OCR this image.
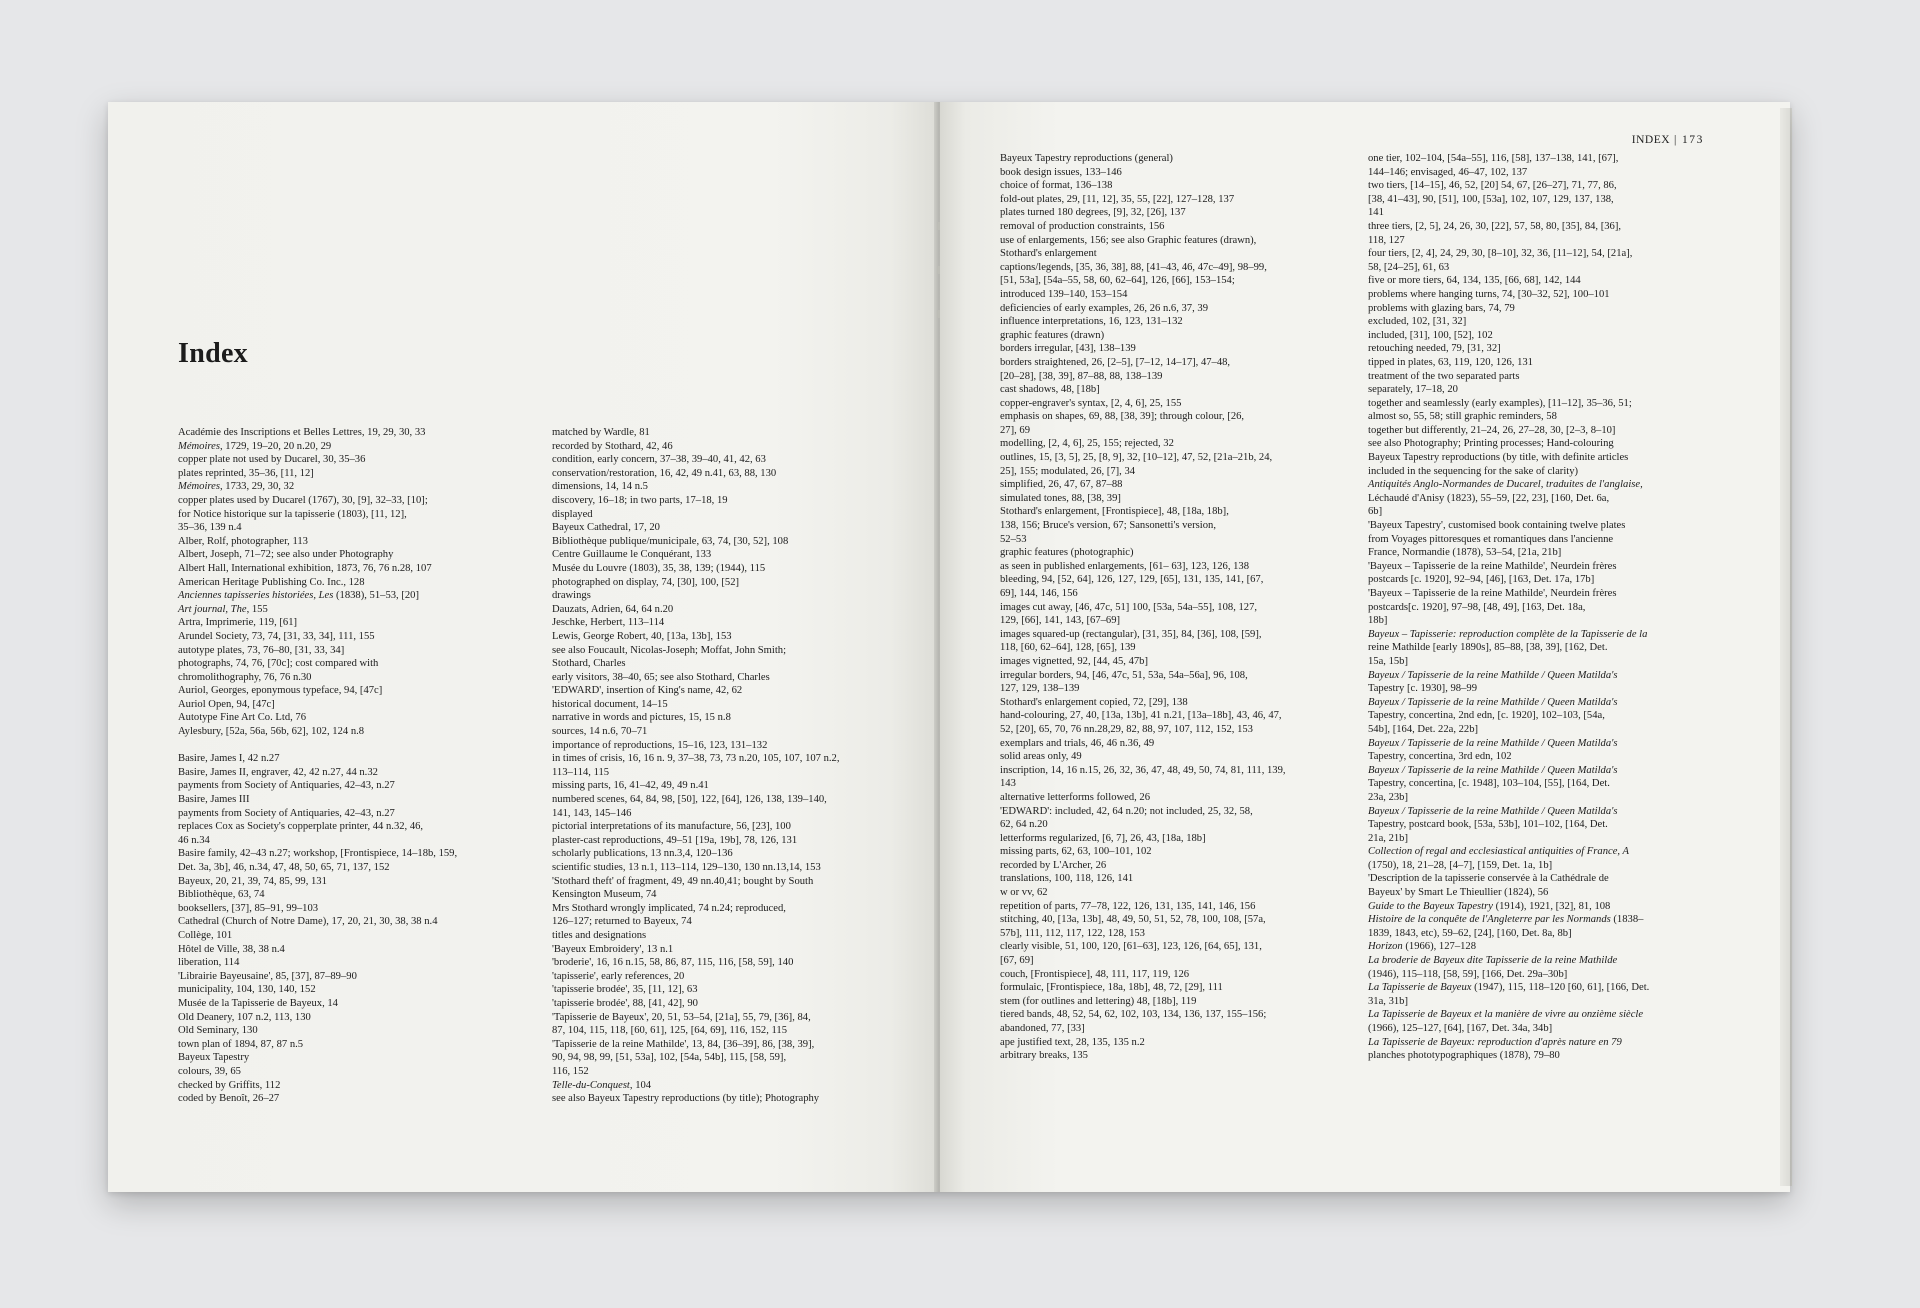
Index

Académie des Inscriptions et Belles Lettres, 19, 29, 30, 33

Mémoires, 1729, 19–20, 20 n.20, 29

copper plate not used by Ducarel, 30, 35–36

plates reprinted, 35–36, [11, 12]

Mémoires, 1733, 29, 30, 32

copper plates used by Ducarel (1767), 30, [9], 32–33, [10];

for Notice historique sur la tapisserie (1803), [11, 12],

35–36, 139 n.4

Alber, Rolf, photographer, 113

Albert, Joseph, 71–72; see also under Photography

Albert Hall, International exhibition, 1873, 76, 76 n.28, 107

American Heritage Publishing Co. Inc., 128

Anciennes tapisseries historiées, Les (1838), 51–53, [20]

Art journal, The, 155

Artra, Imprimerie, 119, [61]

Arundel Society, 73, 74, [31, 33, 34], 111, 155

autotype plates, 73, 76–80, [31, 33, 34]

photographs, 74, 76, [70c]; cost compared with

chromolithography, 76, 76 n.30

Auriol, Georges, eponymous typeface, 94, [47c]

Auriol Open, 94, [47c]

Autotype Fine Art Co. Ltd, 76

Aylesbury, [52a, 56a, 56b, 62], 102, 124 n.8

Basire, James I, 42 n.27

Basire, James II, engraver, 42, 42 n.27, 44 n.32

payments from Society of Antiquaries, 42–43, n.27

Basire, James III

payments from Society of Antiquaries, 42–43, n.27

replaces Cox as Society's copperplate printer, 44 n.32, 46,

46 n.34

Basire family, 42–43 n.27; workshop, [Frontispiece, 14–18b, 159,

Det. 3a, 3b], 46, n.34, 47, 48, 50, 65, 71, 137, 152

Bayeux, 20, 21, 39, 74, 85, 99, 131

Bibliothèque, 63, 74

booksellers, [37], 85–91, 99–103

Cathedral (Church of Notre Dame), 17, 20, 21, 30, 38, 38 n.4

Collège, 101

Hôtel de Ville, 38, 38 n.4

liberation, 114

'Librairie Bayeusaine', 85, [37], 87–89–90

municipality, 104, 130, 140, 152

Musée de la Tapisserie de Bayeux, 14

Old Deanery, 107 n.2, 113, 130

Old Seminary, 130

town plan of 1894, 87, 87 n.5

Bayeux Tapestry

colours, 39, 65

checked by Griffits, 112

coded by Benoît, 26–27

matched by Wardle, 81

recorded by Stothard, 42, 46

condition, early concern, 37–38, 39–40, 41, 42, 63

conservation/restoration, 16, 42, 49 n.41, 63, 88, 130

dimensions, 14, 14 n.5

discovery, 16–18; in two parts, 17–18, 19

displayed

Bayeux Cathedral, 17, 20

Bibliothèque publique/municipale, 63, 74, [30, 52], 108

Centre Guillaume le Conquérant, 133

Musée du Louvre (1803), 35, 38, 139; (1944), 115

photographed on display, 74, [30], 100, [52]

drawings

Dauzats, Adrien, 64, 64 n.20

Jeschke, Herbert, 113–114

Lewis, George Robert, 40, [13a, 13b], 153

see also Foucault, Nicolas-Joseph; Moffat, John Smith;

Stothard, Charles

early visitors, 38–40, 65; see also Stothard, Charles

'EDWARD', insertion of King's name, 42, 62

historical document, 14–15

narrative in words and pictures, 15, 15 n.8

sources, 14 n.6, 70–71

importance of reproductions, 15–16, 123, 131–132

in times of crisis, 16, 16 n. 9, 37–38, 73, 73 n.20, 105, 107, 107 n.2,

113–114, 115

missing parts, 16, 41–42, 49, 49 n.41

numbered scenes, 64, 84, 98, [50], 122, [64], 126, 138, 139–140,

141, 143, 145–146

pictorial interpretations of its manufacture, 56, [23], 100

plaster-cast reproductions, 49–51 [19a, 19b], 78, 126, 131

scholarly publications, 13 nn.3,4, 120–136

scientific studies, 13 n.1, 113–114, 129–130, 130 nn.13,14, 153

'Stothard theft' of fragment, 49, 49 nn.40,41; bought by South

Kensington Museum, 74

Mrs Stothard wrongly implicated, 74 n.24; reproduced,

126–127; returned to Bayeux, 74

titles and designations

'Bayeux Embroidery', 13 n.1

'broderie', 16, 16 n.15, 58, 86, 87, 115, 116, [58, 59], 140

'tapisserie', early references, 20

'tapisserie brodée', 35, [11, 12], 63

'tapisserie brodée', 88, [41, 42], 90

'Tapisserie de Bayeux', 20, 51, 53–54, [21a], 55, 79, [36], 84,

87, 104, 115, 118, [60, 61], 125, [64, 69], 116, 152, 115

'Tapisserie de la reine Mathilde', 13, 84, [36–39], 86, [38, 39],

90, 94, 98, 99, [51, 53a], 102, [54a, 54b], 115, [58, 59],

116, 152

Telle-du-Conquest, 104

see also Bayeux Tapestry reproductions (by title); Photography

INDEX | 173

Bayeux Tapestry reproductions (general)

book design issues, 133–146

choice of format, 136–138

fold-out plates, 29, [11, 12], 35, 55, [22], 127–128, 137

plates turned 180 degrees, [9], 32, [26], 137

removal of production constraints, 156

use of enlargements, 156; see also Graphic features (drawn),

Stothard's enlargement

captions/legends, [35, 36, 38], 88, [41–43, 46, 47c–49], 98–99,

[51, 53a], [54a–55, 58, 60, 62–64], 126, [66], 153–154;

introduced 139–140, 153–154

deficiencies of early examples, 26, 26 n.6, 37, 39

influence interpretations, 16, 123, 131–132

graphic features (drawn)

borders irregular, [43], 138–139

borders straightened, 26, [2–5], [7–12, 14–17], 47–48,

[20–28], [38, 39], 87–88, 88, 138–139

cast shadows, 48, [18b]

copper-engraver's syntax, [2, 4, 6], 25, 155

emphasis on shapes, 69, 88, [38, 39]; through colour, [26,

27], 69

modelling, [2, 4, 6], 25, 155; rejected, 32

outlines, 15, [3, 5], 25, [8, 9], 32, [10–12], 47, 52, [21a–21b, 24,

25], 155; modulated, 26, [7], 34

simplified, 26, 47, 67, 87–88

simulated tones, 88, [38, 39]

Stothard's enlargement, [Frontispiece], 48, [18a, 18b],

138, 156; Bruce's version, 67; Sansonetti's version,

52–53

graphic features (photographic)

as seen in published enlargements, [61– 63], 123, 126, 138

bleeding, 94, [52, 64], 126, 127, 129, [65], 131, 135, 141, [67,

69], 144, 146, 156

images cut away, [46, 47c, 51] 100, [53a, 54a–55], 108, 127,

129, [66], 141, 143, [67–69]

images squared-up (rectangular), [31, 35], 84, [36], 108, [59],

118, [60, 62–64], 128, [65], 139

images vignetted, 92, [44, 45, 47b]

irregular borders, 94, [46, 47c, 51, 53a, 54a–56a], 96, 108,

127, 129, 138–139

Stothard's enlargement copied, 72, [29], 138

hand-colouring, 27, 40, [13a, 13b], 41 n.21, [13a–18b], 43, 46, 47,

52, [20], 65, 70, 76 nn.28,29, 82, 88, 97, 107, 112, 152, 153

exemplars and trials, 46, 46 n.36, 49

solid areas only, 49

inscription, 14, 16 n.15, 26, 32, 36, 47, 48, 49, 50, 74, 81, 111, 139,

143

alternative letterforms followed, 26

'EDWARD': included, 42, 64 n.20; not included, 25, 32, 58,

62, 64 n.20

letterforms regularized, [6, 7], 26, 43, [18a, 18b]

missing parts, 62, 63, 100–101, 102

recorded by L'Archer, 26

translations, 100, 118, 126, 141

w or vv, 62

repetition of parts, 77–78, 122, 126, 131, 135, 141, 146, 156

stitching, 40, [13a, 13b], 48, 49, 50, 51, 52, 78, 100, 108, [57a,

57b], 111, 112, 117, 122, 128, 153

clearly visible, 51, 100, 120, [61–63], 123, 126, [64, 65], 131,

[67, 69]

couch, [Frontispiece], 48, 111, 117, 119, 126

formulaic, [Frontispiece, 18a, 18b], 48, 72, [29], 111

stem (for outlines and lettering) 48, [18b], 119

tiered bands, 48, 52, 54, 62, 102, 103, 134, 136, 137, 155–156;

abandoned, 77, [33]

ape justified text, 28, 135, 135 n.2

arbitrary breaks, 135

one tier, 102–104, [54a–55], 116, [58], 137–138, 141, [67],

144–146; envisaged, 46–47, 102, 137

two tiers, [14–15], 46, 52, [20] 54, 67, [26–27], 71, 77, 86,

[38, 41–43], 90, [51], 100, [53a], 102, 107, 129, 137, 138,

141

three tiers, [2, 5], 24, 26, 30, [22], 57, 58, 80, [35], 84, [36],

118, 127

four tiers, [2, 4], 24, 29, 30, [8–10], 32, 36, [11–12], 54, [21a],

58, [24–25], 61, 63

five or more tiers, 64, 134, 135, [66, 68], 142, 144

problems where hanging turns, 74, [30–32, 52], 100–101

problems with glazing bars, 74, 79

excluded, 102, [31, 32]

included, [31], 100, [52], 102

retouching needed, 79, [31, 32]

tipped in plates, 63, 119, 120, 126, 131

treatment of the two separated parts

separately, 17–18, 20

together and seamlessly (early examples), [11–12], 35–36, 51;

almost so, 55, 58; still graphic reminders, 58

together but differently, 21–24, 26, 27–28, 30, [2–3, 8–10]

see also Photography; Printing processes; Hand-colouring

Bayeux Tapestry reproductions (by title, with definite articles

included in the sequencing for the sake of clarity)

Antiquités Anglo-Normandes de Ducarel, traduites de l'anglaise,

Léchaudé d'Anisy (1823), 55–59, [22, 23], [160, Det. 6a,

6b]

'Bayeux Tapestry', customised book containing twelve plates

from Voyages pittoresques et romantiques dans l'ancienne

France, Normandie (1878), 53–54, [21a, 21b]

'Bayeux – Tapisserie de la reine Mathilde', Neurdein frères

postcards [c. 1920], 92–94, [46], [163, Det. 17a, 17b]

'Bayeux – Tapisserie de la reine Mathilde', Neurdein frères

postcards[c. 1920], 97–98, [48, 49], [163, Det. 18a,

18b]

Bayeux – Tapisserie: reproduction complète de la Tapisserie de la

reine Mathilde [early 1890s], 85–88, [38, 39], [162, Det.

15a, 15b]

Bayeux / Tapisserie de la reine Mathilde / Queen Matilda's

Tapestry [c. 1930], 98–99

Bayeux / Tapisserie de la reine Mathilde / Queen Matilda's

Tapestry, concertina, 2nd edn, [c. 1920], 102–103, [54a,

54b], [164, Det. 22a, 22b]

Bayeux / Tapisserie de la reine Mathilde / Queen Matilda's

Tapestry, concertina, 3rd edn, 102

Bayeux / Tapisserie de la reine Mathilde / Queen Matilda's

Tapestry, concertina, [c. 1948], 103–104, [55], [164, Det.

23a, 23b]

Bayeux / Tapisserie de la reine Mathilde / Queen Matilda's

Tapestry, postcard book, [53a, 53b], 101–102, [164, Det.

21a, 21b]

Collection of regal and ecclesiastical antiquities of France, A

(1750), 18, 21–28, [4–7], [159, Det. 1a, 1b]

'Description de la tapisserie conservée à la Cathédrale de

Bayeux' by Smart Le Thieullier (1824), 56

Guide to the Bayeux Tapestry (1914), 1921, [32], 81, 108

Histoire de la conquête de l'Angleterre par les Normands (1838–

1839, 1843, etc), 59–62, [24], [160, Det. 8a, 8b]

Horizon (1966), 127–128

La broderie de Bayeux dite Tapisserie de la reine Mathilde

(1946), 115–118, [58, 59], [166, Det. 29a–30b]

La Tapisserie de Bayeux (1947), 115, 118–120 [60, 61], [166, Det.

31a, 31b]

La Tapisserie de Bayeux et la manière de vivre au onzième siècle

(1966), 125–127, [64], [167, Det. 34a, 34b]

La Tapisserie de Bayeux: reproduction d'après nature en 79

planches phototypographiques (1878), 79–80
